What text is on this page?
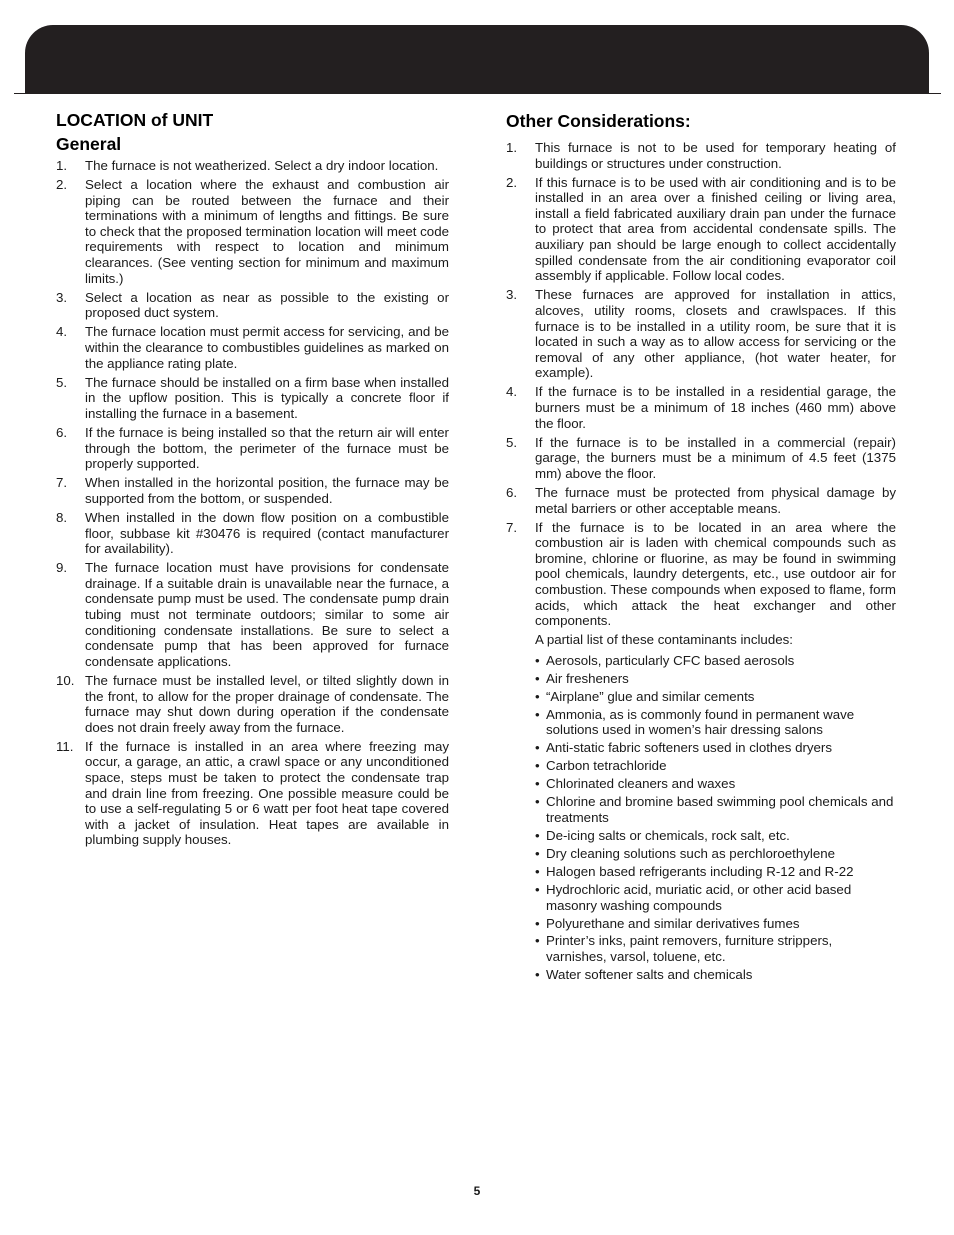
LOCATION of UNIT
General
1.	The furnace is not weatherized. Select a dry indoor location.
2.	Select a location where the exhaust and combustion air piping can be routed between the furnace and their terminations with a minimum of lengths and fittings. Be sure to check that the proposed termination location will meet code requirements with respect to location and minimum clearances. (See venting section for minimum and maximum limits.)
3.	Select a location as near as possible to the existing or proposed duct system.
4.	The furnace location must permit access for servicing, and be within the clearance to combustibles guidelines as marked on the appliance rating plate.
5.	The furnace should be installed on a firm base when installed in the upflow position. This is typically a concrete floor if installing the furnace in a basement.
6.	If the furnace is being installed so that the return air will enter through the bottom, the perimeter of the furnace must be properly supported.
7.	When installed in the horizontal position, the furnace may be supported from the bottom, or suspended.
8.	When installed in the down flow position on a combustible floor, subbase kit #30476 is required (contact manufacturer for availability).
9.	The furnace location must have provisions for condensate drainage. If a suitable drain is unavailable near the furnace, a condensate pump must be used. The condensate pump drain tubing must not terminate outdoors; similar to some air conditioning condensate installations. Be sure to select a condensate pump that has been approved for furnace condensate applications.
10. The furnace must be installed level, or tilted slightly down in the front, to allow for the proper drainage of condensate. The furnace may shut down during operation if the condensate does not drain freely away from the furnace.
11. If the furnace is installed in an area where freezing may occur, a garage, an attic, a crawl space or any unconditioned space, steps must be taken to protect the condensate trap and drain line from freezing. One possible measure could be to use a self-regulating 5 or 6 watt per foot heat tape covered with a jacket of insulation. Heat tapes are available in plumbing supply houses.
Other Considerations:
1.	This furnace is not to be used for temporary heating of buildings or structures under construction.
2.	If this furnace is to be used with air conditioning and is to be installed in an area over a finished ceiling or living area, install a field fabricated auxiliary drain pan under the furnace to protect that area from accidental condensate spills. The auxiliary pan should be large enough to collect accidentally spilled condensate from the air conditioning evaporator coil assembly if applicable. Follow local codes.
3.	These furnaces are approved for installation in attics, alcoves, utility rooms, closets and crawlspaces. If this furnace is to be installed in a utility room, be sure that it is located in such a way as to allow access for servicing or the removal of any other appliance, (hot water heater, for example).
4.	If the furnace is to be installed in a residential garage, the burners must be a minimum of 18 inches (460 mm) above the floor.
5.	If the furnace is to be installed in a commercial (repair) garage, the burners must be a minimum of 4.5 feet (1375 mm) above the floor.
6.	The furnace must be protected from physical damage by metal barriers or other acceptable means.
7.	If the furnace is to be located in an area where the combustion air is laden with chemical compounds such as bromine, chlorine or fluorine, as may be found in swimming pool chemicals, laundry detergents, etc., use outdoor air for combustion. These compounds when exposed to flame, form acids, which attack the heat exchanger and other components.
A partial list of these contaminants includes:
• Aerosols, particularly CFC based aerosols
• Air fresheners
• “Airplane” glue and similar cements
• Ammonia, as is commonly found in permanent wave solutions used in women’s hair dressing salons
• Anti-static fabric softeners used in clothes dryers
• Carbon tetrachloride
• Chlorinated cleaners and waxes
• Chlorine and bromine based swimming pool chemicals and treatments
• De-icing salts or chemicals, rock salt, etc.
• Dry cleaning solutions such as perchloroethylene
• Halogen based refrigerants including R-12 and R-22
• Hydrochloric acid, muriatic acid, or other acid based masonry washing compounds
• Polyurethane and similar derivatives fumes
• Printer’s inks, paint removers, furniture strippers, varnishes, varsol, toluene, etc.
• Water softener salts and chemicals
5
